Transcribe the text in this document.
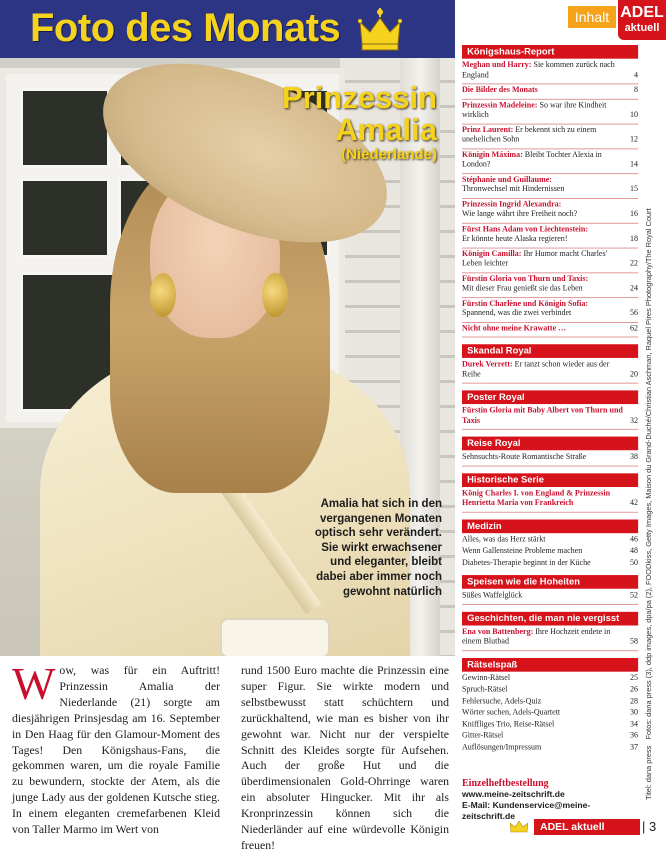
Foto des Monats
Prinzessin
Amalia
(Niederlande)
Amalia hat sich in den vergangenen Monaten optisch sehr verändert. Sie wirkt erwachsener und eleganter, bleibt dabei aber immer noch gewohnt natürlich
Wow, was für ein Auftritt! Prinzessin Amalia der Niederlande (21) sorgte am diesjährigen Prinsjesdag am 16. September in Den Haag für den Glamour-Moment des Tages! Den Königshaus-Fans, die gekommen waren, um die royale Familie zu bewundern, stockte der Atem, als die junge Lady aus der goldenen Kutsche stieg. In einem eleganten cremefarbenen Kleid von Taller Marmo im Wert von
rund 1500 Euro machte die Prinzessin eine super Figur. Sie wirkte modern und selbstbewusst statt schüchtern und zurückhaltend, wie man es bisher von ihr gewohnt war. Nicht nur der verspielte Schnitt des Kleides sorgte für Aufsehen. Auch der große Hut und die überdimensionalen Gold-Ohrringe waren ein absoluter Hingucker. Mit ihr als Kronprinzessin können sich die Niederländer auf eine würdevolle Königin freuen!
Inhalt ADEL
aktuell
Königshaus-Report
Meghan und Harry: Sie kommen zurück nach England	4
Die Bilder des Monats	8
Prinzessin Madeleine: So war ihre Kindheit wirklich	10
Prinz Laurent: Er bekennt sich zu einem unehelichen Sohn	12
Königin Máxima: Bleibt Tochter Alexia in London?	14
Stéphanie und Guillaume:
Thronwechsel mit Hindernissen	15
Prinzessin Ingrid Alexandra:
Wie lange währt ihre Freiheit noch?	16
Fürst Hans Adam von Liechtenstein:
Er könnte heute Alaska regieren!	18
Königin Camilla: Ihr Humor macht Charles' Leben leichter	22
Fürstin Gloria von Thurn und Taxis:
Mit dieser Frau genießt sie das Leben	24
Fürstin Charlène und Königin Sofia:
Spannend, was die zwei verbindet	56
Nicht ohne meine Krawatte …	62
Skandal Royal
Durek Verrett: Er tanzt schon wieder aus der Reihe	20
Poster Royal
Fürstin Gloria mit Baby Albert von Thurn und Taxis	32
Reise Royal
Sehnsuchts-Route Romantische Straße	38
Historische Serie
König Charles I. von England & Prinzessin Henrietta Maria von Frankreich	42
Medizin
Alles, was das Herz stärkt	46
Wenn Gallensteine Probleme machen	48
Diabetes-Therapie beginnt in der Küche	50
Speisen wie die Hoheiten
Süßes Waffelglück	52
Geschichten, die man nie vergisst
Ena von Battenberg: Ihre Hochzeit endete in einem Blutbad	58
Rätselspaß
Gewinn-Rätsel	25
Spruch-Rätsel	26
Fehlersuche, Adels-Quiz	28
Wörter suchen, Adels-Quartett	30
Kniffliges Trio, Reise-Rätsel	34
Gitter-Rätsel	36
Auflösungen/Impressum	37
Einzelheftbestellung
www.meine-zeitschrift.de
E-Mail: Kundenservice@meine-zeitschrift.de
Titel: dana press   Fotos: dana press (3), ddp images, dpa/pa (2), FOODkiss, Getty Images, Maison du Grand-Duché/Christian Aschman, Raquel Pires Photography/The Royal Court
ADEL aktuell	| 3
